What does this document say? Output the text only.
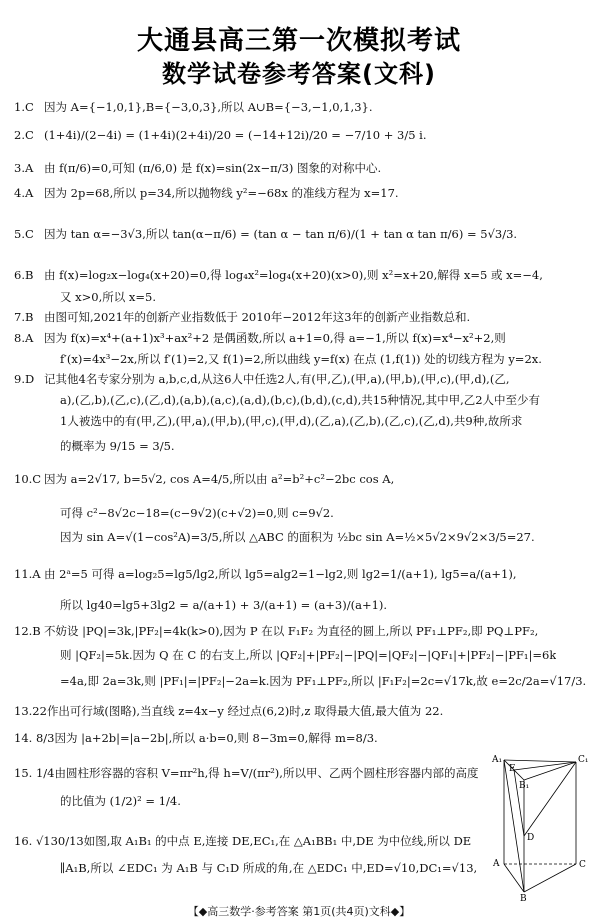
大通县高三第一次模拟考试
数学试卷参考答案(文科)
1.C 因为 A={−1,0,1},B={−3,0,3},所以 A∪B={−3,−1,0,1,3}.
2.C (1+4i)/(2−4i) = (1+4i)(2+4i)/20 = (−14+12i)/20 = −7/10 + 3/5 i.
3.A 由 f(π/6)=0,可知 (π/6,0) 是 f(x)=sin(2x−π/3) 图象的对称中心.
4.A 因为 2p=68,所以 p=34,所以抛物线 y²=−68x 的准线方程为 x=17.
5.C 因为 tan α=−3√3,所以 tan(α−π/6) = (tan α − tan π/6)/(1 + tan α tan π/6) = 5√3/3.
6.B 由 f(x)=log₂x−log₄(x+20)=0,得 log₄x²=log₄(x+20)(x>0),则 x²=x+20,解得 x=5 或 x=−4,
又 x>0,所以 x=5.
7.B 由图可知,2021年的创新产业指数低于 2010年−2012年这3年的创新产业指数总和.
8.A 因为 f(x)=x⁴+(a+1)x³+ax²+2 是偶函数,所以 a+1=0,得 a=−1,所以 f(x)=x⁴−x²+2,则
f′(x)=4x³−2x,所以 f′(1)=2,又 f(1)=2,所以曲线 y=f(x) 在点 (1,f(1)) 处的切线方程为 y=2x.
9.D 记其他4名专家分别为 a,b,c,d,从这6人中任选2人,有(甲,乙),(甲,a),(甲,b),(甲,c),(甲,d),(乙,
a),(乙,b),(乙,c),(乙,d),(a,b),(a,c),(a,d),(b,c),(b,d),(c,d),共15种情况,其中甲,乙2人中至少有
1人被选中的有(甲,乙),(甲,a),(甲,b),(甲,c),(甲,d),(乙,a),(乙,b),(乙,c),(乙,d),共9种,故所求
的概率为 9/15 = 3/5.
10.C 因为 a=2√17, b=5√2, cos A=4/5,所以由 a²=b²+c²−2bc cos A,
可得 c²−8√2c−18=(c−9√2)(c+√2)=0,则 c=9√2.
因为 sin A=√(1−cos²A)=3/5,所以 △ABC 的面积为 ½bc sin A=½×5√2×9√2×3/5=27.
11.A 由 2ᵃ=5 可得 a=log₂5=lg5/lg2,所以 lg5=alg2=1−lg2,则 lg2=1/(a+1), lg5=a/(a+1),
所以 lg40=lg5+3lg2 = a/(a+1) + 3/(a+1) = (a+3)/(a+1).
12.B 不妨设 |PQ|=3k,|PF₂|=4k(k>0),因为 P 在以 F₁F₂ 为直径的圆上,所以 PF₁⊥PF₂,即 PQ⊥PF₂,
则 |QF₂|=5k.因为 Q 在 C 的右支上,所以 |QF₂|+|PF₂|−|PQ|=|QF₂|−|QF₁|+|PF₂|−|PF₁|=6k
=4a,即 2a=3k,则 |PF₁|=|PF₂|−2a=k.因为 PF₁⊥PF₂,所以 |F₁F₂|=2c=√17k,故 e=2c/2a=√17/3.
13.22作出可行域(图略),当直线 z=4x−y 经过点(6,2)时,z 取得最大值,最大值为 22.
14. 8/3因为 |a+2b|=|a−2b|,所以 a·b=0,则 8−3m=0,解得 m=8/3.
15. 1/4由圆柱形容器的容积 V=πr²h,得 h=V/(πr²),所以甲、乙两个圆柱形容器内部的高度
的比值为 (1/2)² = 1/4.
16. √130/13如图,取 A₁B₁ 的中点 E,连接 DE,EC₁,在 △A₁BB₁ 中,DE 为中位线,所以 DE
∥A₁B,所以 ∠EDC₁ 为 A₁B 与 C₁D 所成的角,在 △EDC₁ 中,ED=√10,DC₁=√13,
A₁
E
B₁
C₁
D
A
B
C
【◆高三数学·参考答案 第1页(共4页)文科◆】
